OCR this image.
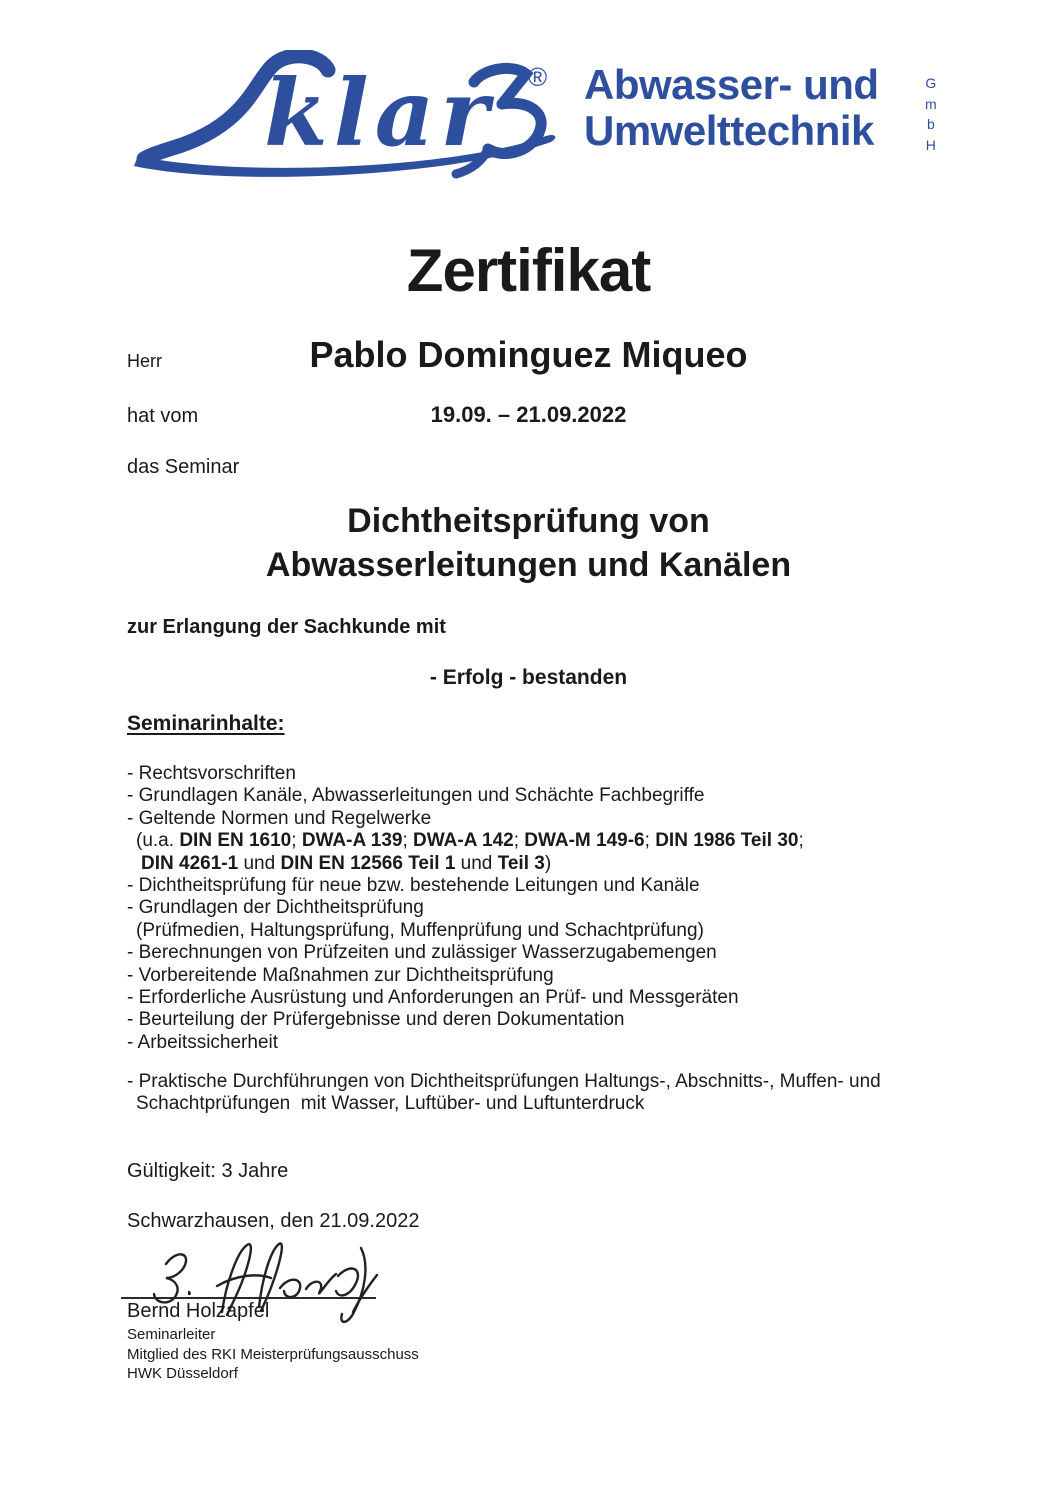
klar ® Abwasser- und
Umwelttechnik
G
m
b
H
Zertifikat
Herr	Pablo Dominguez Miqueo
hat vom	19.09. – 21.09.2022
das Seminar
Dichtheitsprüfung von
Abwasserleitungen und Kanälen
zur Erlangung der Sachkunde mit
- Erfolg - bestanden
Seminarinhalte:
- Rechtsvorschriften
- Grundlagen Kanäle, Abwasserleitungen und Schächte Fachbegriffe
- Geltende Normen und Regelwerke
(u.a. DIN EN 1610; DWA-A 139; DWA-A 142; DWA-M 149-6; DIN 1986 Teil 30;
DIN 4261-1 und DIN EN 12566 Teil 1 und Teil 3)
- Dichtheitsprüfung für neue bzw. bestehende Leitungen und Kanäle
- Grundlagen der Dichtheitsprüfung
(Prüfmedien, Haltungsprüfung, Muffenprüfung und Schachtprüfung)
- Berechnungen von Prüfzeiten und zulässiger Wasserzugabemengen
- Vorbereitende Maßnahmen zur Dichtheitsprüfung
- Erforderliche Ausrüstung und Anforderungen an Prüf- und Messgeräten
- Beurteilung der Prüfergebnisse und deren Dokumentation
- Arbeitssicherheit
- Praktische Durchführungen von Dichtheitsprüfungen Haltungs-, Abschnitts-, Muffen- und
Schachtprüfungen  mit Wasser, Luftüber- und Luftunterdruck
Gültigkeit: 3 Jahre
Schwarzhausen, den 21.09.2022
Bernd Holzapfel
Seminarleiter
Mitglied des RKI Meisterprüfungsausschuss
HWK Düsseldorf
